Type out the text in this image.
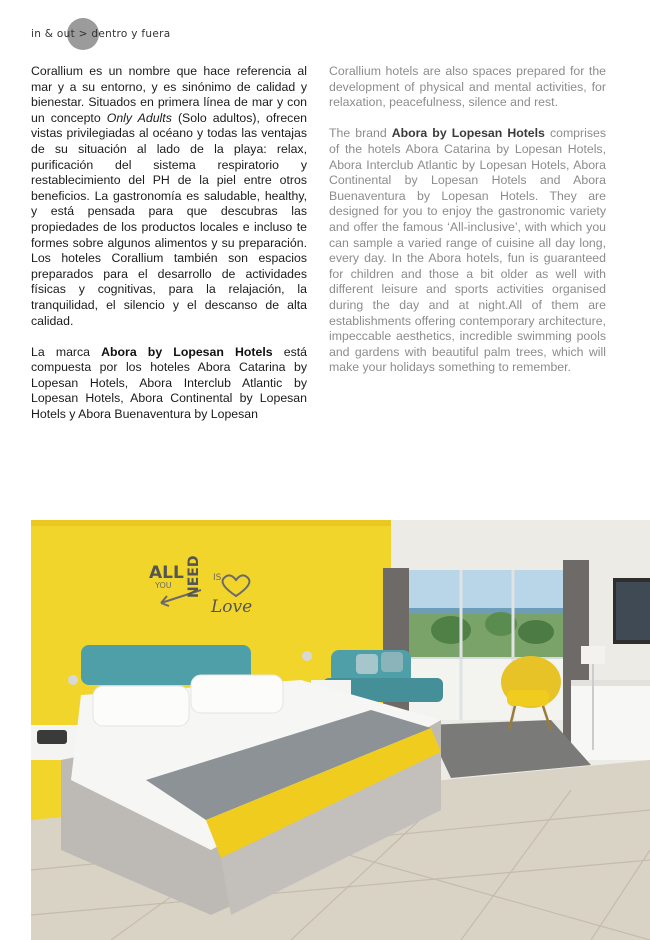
in & out > dentro y fuera

Corallium es un nombre que hace referencia al mar y a su entorno, y es sinónimo de calidad y bienestar. Situados en primera línea de mar y con un concepto Only Adults (Solo adultos), ofrecen vistas privilegiadas al océano y todas las ventajas de su situación al lado de la playa: relax, purificación del sistema respiratorio y restablecimiento del PH de la piel entre otros beneficios. La gastronomía es saludable, healthy, y está pensada para que descubras las propiedades de los productos locales e incluso te formes sobre algunos alimentos y su preparación. Los hoteles Corallium también son espacios preparados para el desarrollo de actividades físicas y cognitivas, para la relajación, la tranquilidad, el silencio y el descanso de alta calidad.

La marca Abora by Lopesan Hotels está compuesta por los hoteles Abora Catarina by Lopesan Hotels, Abora Interclub Atlantic by Lopesan Hotels, Abora Continental by Lopesan Hotels y Abora Buenaventura by Lopesan

Corallium hotels are also spaces prepared for the development of physical and mental activities, for relaxation, peacefulness, silence and rest.

The brand Abora by Lopesan Hotels comprises of the hotels Abora Catarina by Lopesan Hotels, Abora Interclub Atlantic by Lopesan Hotels, Abora Continental by Lopesan Hotels and Abora Buenaventura by Lopesan Hotels. They are designed for you to enjoy the gastronomic variety and offer the famous ‘All-inclusive’, with which you can sample a varied range of cuisine all day long, every day. In the Abora hotels, fun is guaranteed for children and those a bit older as well with different leisure and sports activities organised during the day and at night.All of them are establishments offering contemporary architecture, impeccable aesthetics, incredible swimming pools and gardens with beautiful palm trees, which will make your holidays something to remember.

ALL
YOU NEED IS
Love
